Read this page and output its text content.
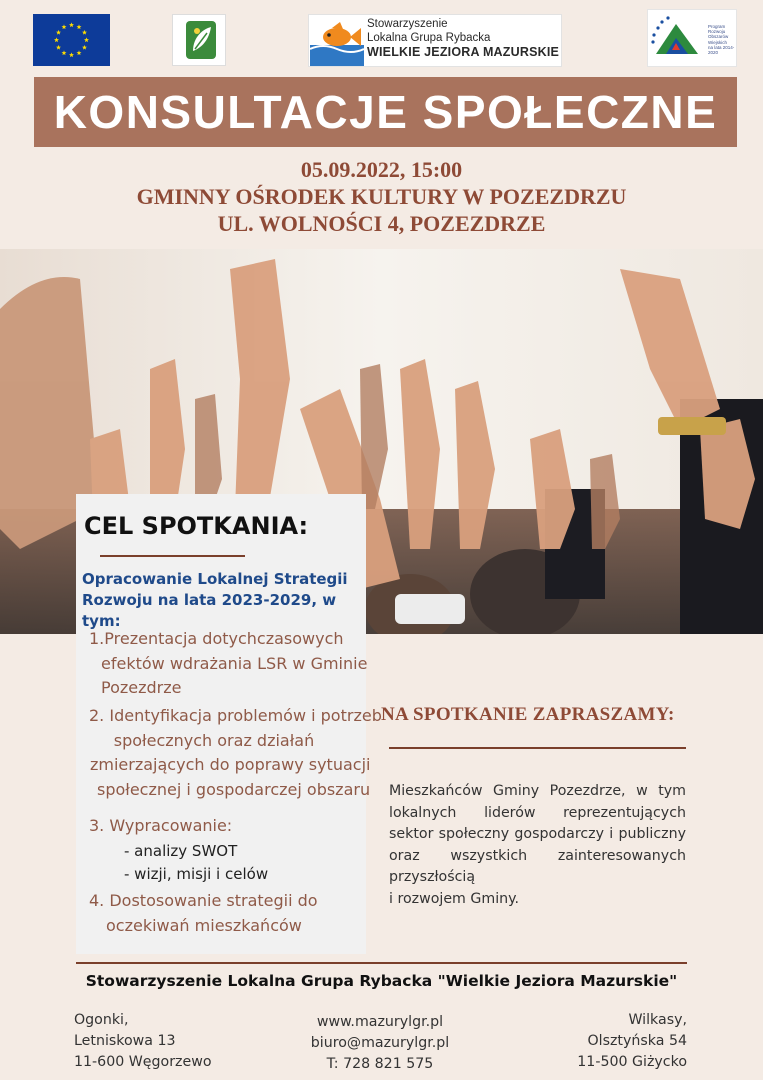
Stowarzyszenie
Lokalna Grupa Rybacka
WIELKIE JEZIORA MAZURSKIE
Program
Rozwoju
Obszarów
Wiejskich
na lata 2014-2020
KONSULTACJE SPOŁECZNE
05.09.2022, 15:00
GMINNY OŚRODEK KULTURY W POZEZDRZU
UL. WOLNOŚCI 4, POZEZDRZE
CEL SPOTKANIA:
Opracowanie Lokalnej Strategii
Rozwoju na lata 2023-2029, w tym:
1.Prezentacja dotychczasowych
efektów wdrażania LSR w Gminie
Pozezdrze
2. Identyfikacja problemów i potrzeb
społecznych oraz działań
zmierzających do poprawy sytuacji
społecznej i gospodarczej obszaru
3. Wypracowanie:
- analizy SWOT
- wizji, misji i celów
4. Dostosowanie strategii do
oczekiwań mieszkańców
NA SPOTKANIE ZAPRASZAMY:
Mieszkańców Gminy Pozezdrze, w tym lokalnych liderów reprezentujących sektor społeczny gospodarczy i publiczny oraz wszystkich zainteresowanych przyszłością
i rozwojem Gminy.
Stowarzyszenie Lokalna Grupa Rybacka "Wielkie Jeziora Mazurskie"
Ogonki,
Letniskowa 13
11-600 Węgorzewo
www.mazurylgr.pl
biuro@mazurylgr.pl
T: 728 821 575
Wilkasy,
Olsztyńska 54
11-500 Giżycko
